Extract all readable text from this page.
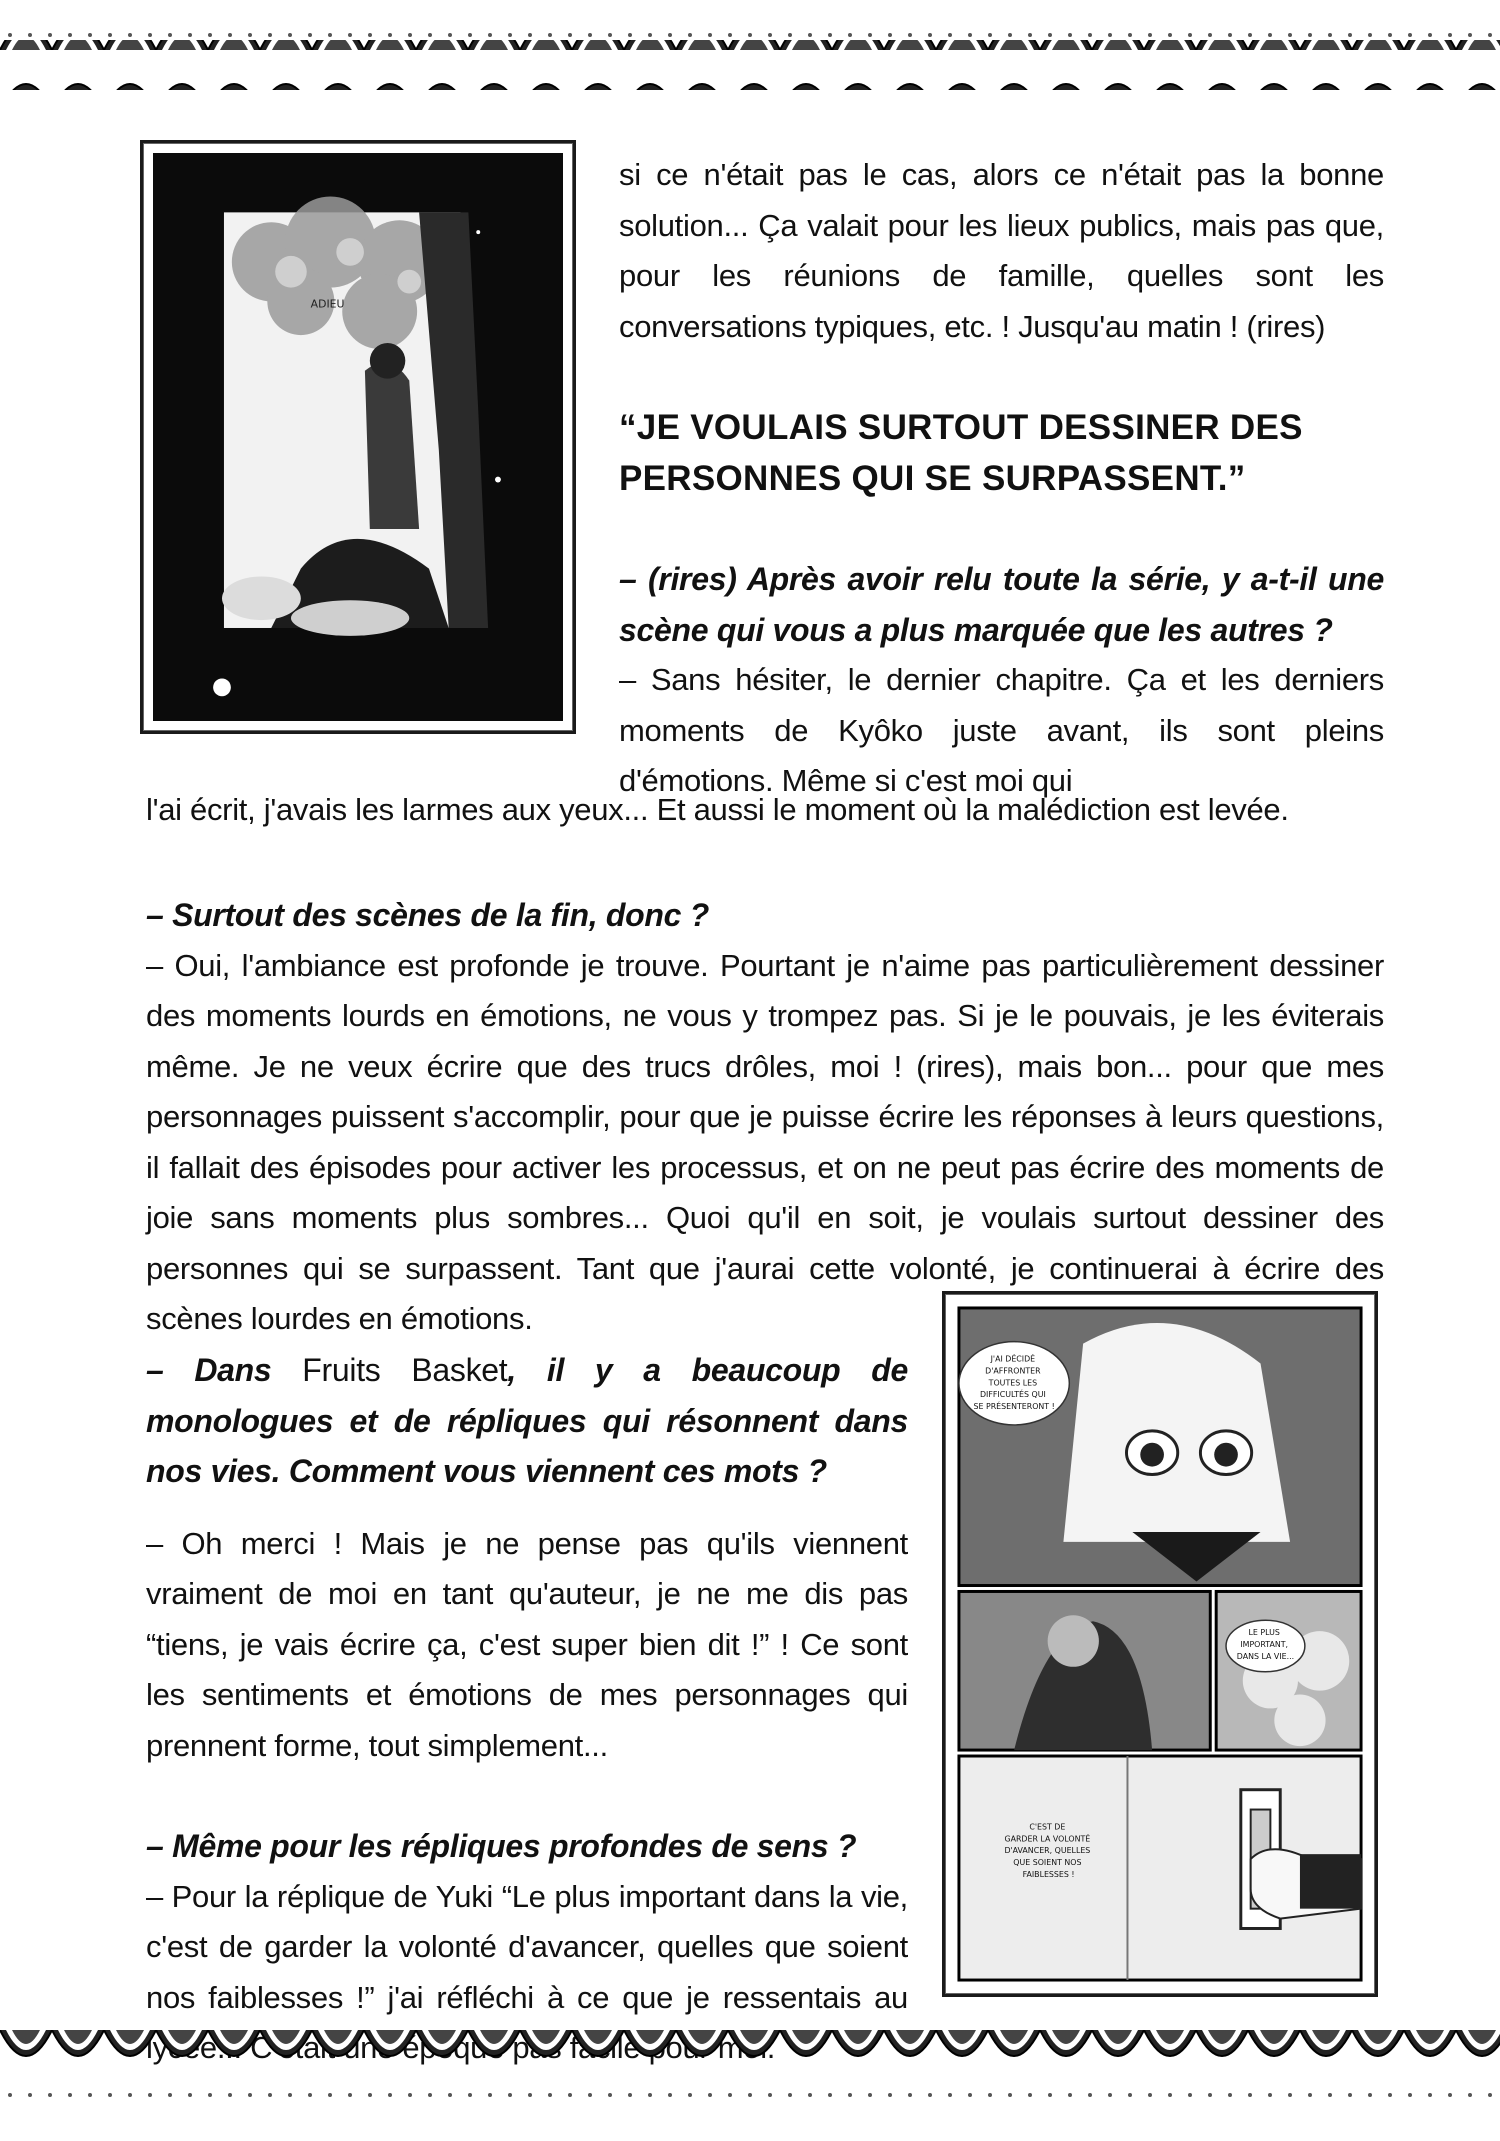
ADIEU

si ce n'était pas le cas, alors ce n'était pas la bonne solution... Ça valait pour les lieux publics, mais pas que, pour les réunions de famille, quelles sont les conversations typiques, etc. ! Jusqu'au matin ! (rires)

“JE VOULAIS SURTOUT DESSINER DES PERSONNES QUI SE SURPASSENT.”

– (rires) Après avoir relu toute la série, y a-t-il une scène qui vous a plus marquée que les autres ?

– Sans hésiter, le dernier chapitre. Ça et les derniers moments de Kyôko juste avant, ils sont pleins d'émotions. Même si c'est moi qui

l'ai écrit, j'avais les larmes aux yeux... Et aussi le moment où la malédiction est levée.

– Surtout des scènes de la fin, donc ?

– Oui, l'ambiance est profonde je trouve. Pourtant je n'aime pas particulièrement dessiner des moments lourds en émotions, ne vous y trompez pas. Si je le pouvais, je les éviterais même. Je ne veux écrire que des trucs drôles, moi ! (rires), mais bon... pour que mes personnages puissent s'accomplir, pour que je puisse écrire les réponses à leurs questions, il fallait des épisodes pour activer les processus, et on ne peut pas écrire des moments de joie sans moments plus sombres... Quoi qu'il en soit, je voulais surtout dessiner des personnes qui se surpassent. Tant que j'aurai cette volonté, je continuerai à écrire des scènes lourdes en émotions.

– Dans Fruits Basket, il y a beaucoup de monologues et de répliques qui résonnent dans nos vies. Comment vous viennent ces mots ?

– Oh merci ! Mais je ne pense pas qu'ils viennent vraiment de moi en tant qu'auteur, je ne me dis pas “tiens, je vais écrire ça, c'est super bien dit !” ! Ce sont les sentiments et émotions de mes personnages qui prennent forme, tout simplement...

– Même pour les répliques profondes de sens ?

– Pour la réplique de Yuki “Le plus important dans la vie, c'est de garder la volonté d'avancer, quelles que soient nos faiblesses !” j'ai réfléchi à ce que je ressentais au

J'AI DÉCIDÉ D'AFFRONTER TOUTES LES DIFFICULTÉS QUI SE PRÉSENTERONT !
LE PLUS IMPORTANT, DANS LA VIE...
C'EST DE GARDER LA VOLONTÉ D'AVANCER, QUELLES QUE SOIENT NOS FAIBLESSES !
